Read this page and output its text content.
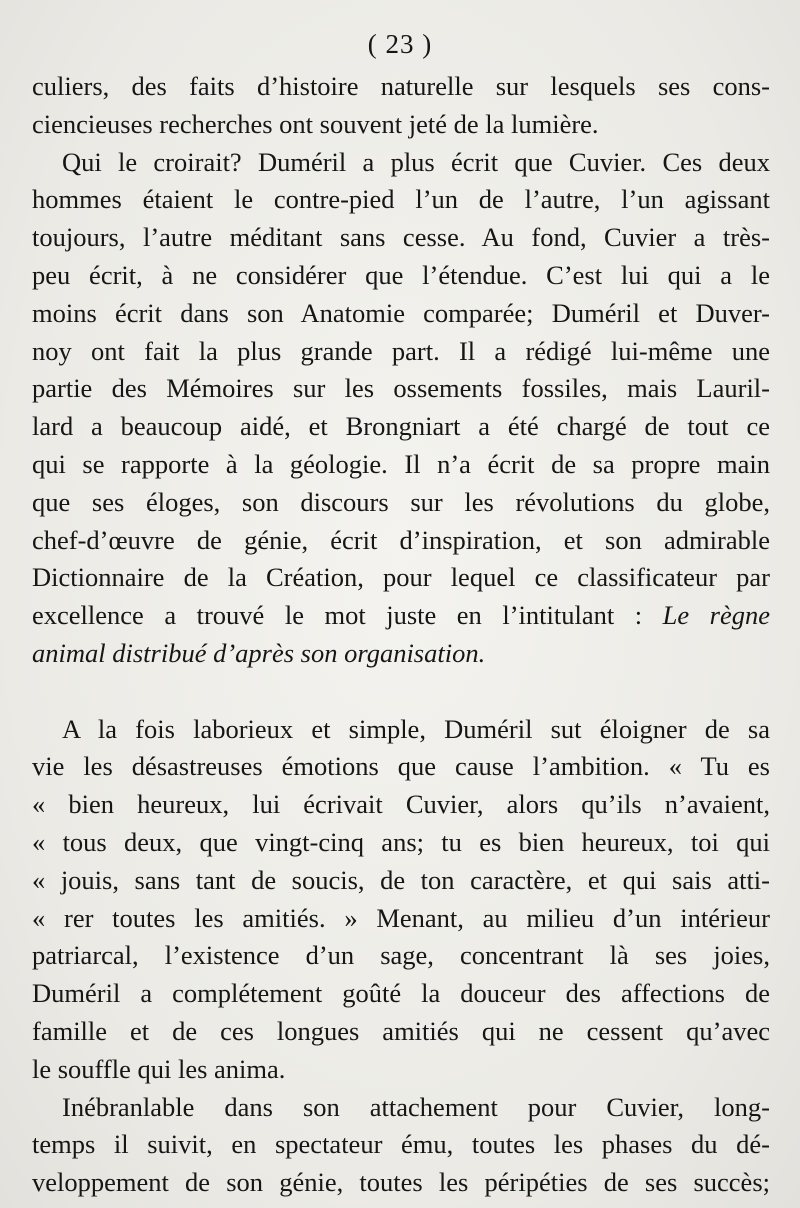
( 23 )
culiers, des faits d’histoire naturelle sur lesquels ses cons-
ciencieuses recherches ont souvent jeté de la lumière.
Qui le croirait? Duméril a plus écrit que Cuvier. Ces deux
hommes étaient le contre-pied l’un de l’autre, l’un agissant
toujours, l’autre méditant sans cesse. Au fond, Cuvier a très-
peu écrit, à ne considérer que l’étendue. C’est lui qui a le
moins écrit dans son Anatomie comparée; Duméril et Duver-
noy ont fait la plus grande part. Il a rédigé lui-même une
partie des Mémoires sur les ossements fossiles, mais Lauril-
lard a beaucoup aidé, et Brongniart a été chargé de tout ce
qui se rapporte à la géologie. Il n’a écrit de sa propre main
que ses éloges, son discours sur les révolutions du globe,
chef-d’œuvre de génie, écrit d’inspiration, et son admirable
Dictionnaire de la Création, pour lequel ce classificateur par
excellence a trouvé le mot juste en l’intitulant : Le règne
animal distribué d’après son organisation.
A la fois laborieux et simple, Duméril sut éloigner de sa
vie les désastreuses émotions que cause l’ambition. « Tu es
« bien heureux, lui écrivait Cuvier, alors qu’ils n’avaient,
« tous deux, que vingt-cinq ans; tu es bien heureux, toi qui
« jouis, sans tant de soucis, de ton caractère, et qui sais atti-
« rer toutes les amitiés. » Menant, au milieu d’un intérieur
patriarcal, l’existence d’un sage, concentrant là ses joies,
Duméril a complétement goûté la douceur des affections de
famille et de ces longues amitiés qui ne cessent qu’avec
le souffle qui les anima.
Inébranlable dans son attachement pour Cuvier, long-
temps il suivit, en spectateur ému, toutes les phases du dé-
veloppement de son génie, toutes les péripéties de ses succès;
